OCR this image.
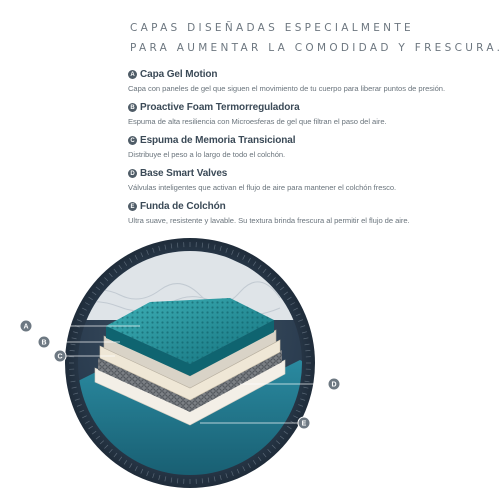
CAPAS DISEÑADAS ESPECIALMENTE
PARA AUMENTAR LA COMODIDAD Y FRESCURA.
A Capa Gel Motion
Capa con paneles de gel que siguen el movimiento de tu cuerpo para liberar puntos de presión.
B Proactive Foam Termorreguladora
Espuma de alta resiliencia con Microesferas de gel que filtran el paso del aire.
C Espuma de Memoria Transicional
Distribuye el peso a lo largo de todo el colchón.
D Base Smart Valves
Válvulas inteligentes que activan el flujo de aire para mantener el colchón fresco.
E Funda de Colchón
Ultra suave, resistente y lavable. Su textura brinda frescura al permitir el flujo de aire.
A
B
C
D
E
